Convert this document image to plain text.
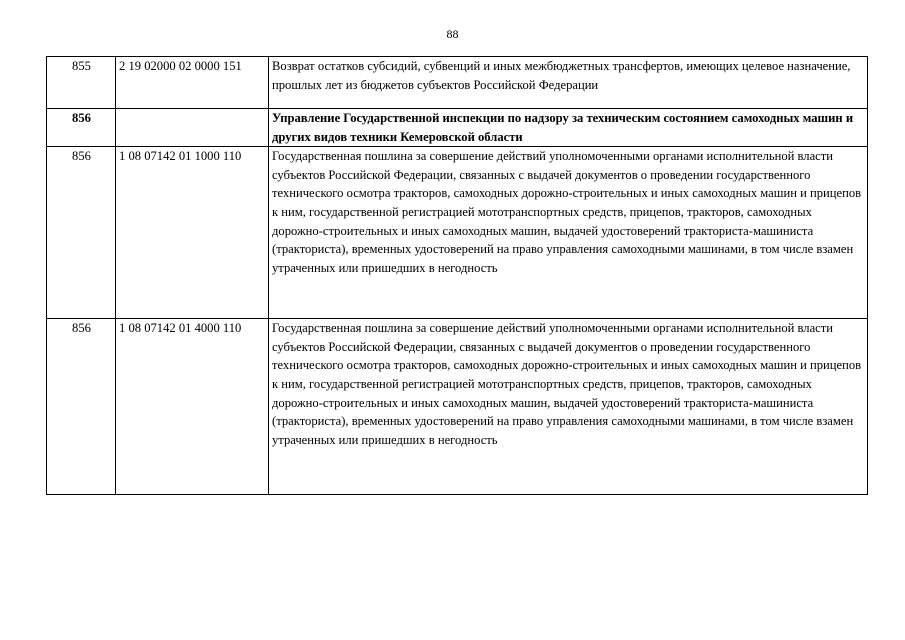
88
855	2 19 02000 02 0000 151	Возврат остатков субсидий, субвенций и иных межбюджетных трансфертов, имеющих целевое назначение, прошлых лет из бюджетов субъектов Российской Федерации
856		Управление Государственной инспекции по надзору за техническим состоянием самоходных машин и других видов техники Кемеровской области
856	1 08 07142 01 1000 110	Государственная пошлина за совершение действий уполномоченными органами исполнительной власти субъектов Российской Федерации, связанных с выдачей документов о проведении государственного технического осмотра тракторов, самоходных дорожно-строительных и иных самоходных машин и прицепов к ним, государственной регистрацией мототранспортных средств, прицепов, тракторов, самоходных дорожно-строительных и иных самоходных машин, выдачей удостоверений тракториста-машиниста (тракториста), временных удостоверений на право управления самоходными машинами, в том числе взамен утраченных или пришедших в негодность
856	1 08 07142 01 4000 110	Государственная пошлина за совершение действий уполномоченными органами исполнительной власти субъектов Российской Федерации, связанных с выдачей документов о проведении государственного технического осмотра тракторов, самоходных дорожно-строительных и иных самоходных машин и прицепов к ним, государственной регистрацией мототранспортных средств, прицепов, тракторов, самоходных дорожно-строительных и иных самоходных машин, выдачей удостоверений тракториста-машиниста (тракториста), временных удостоверений на право управления самоходными машинами, в том числе взамен утраченных или пришедших в негодность
